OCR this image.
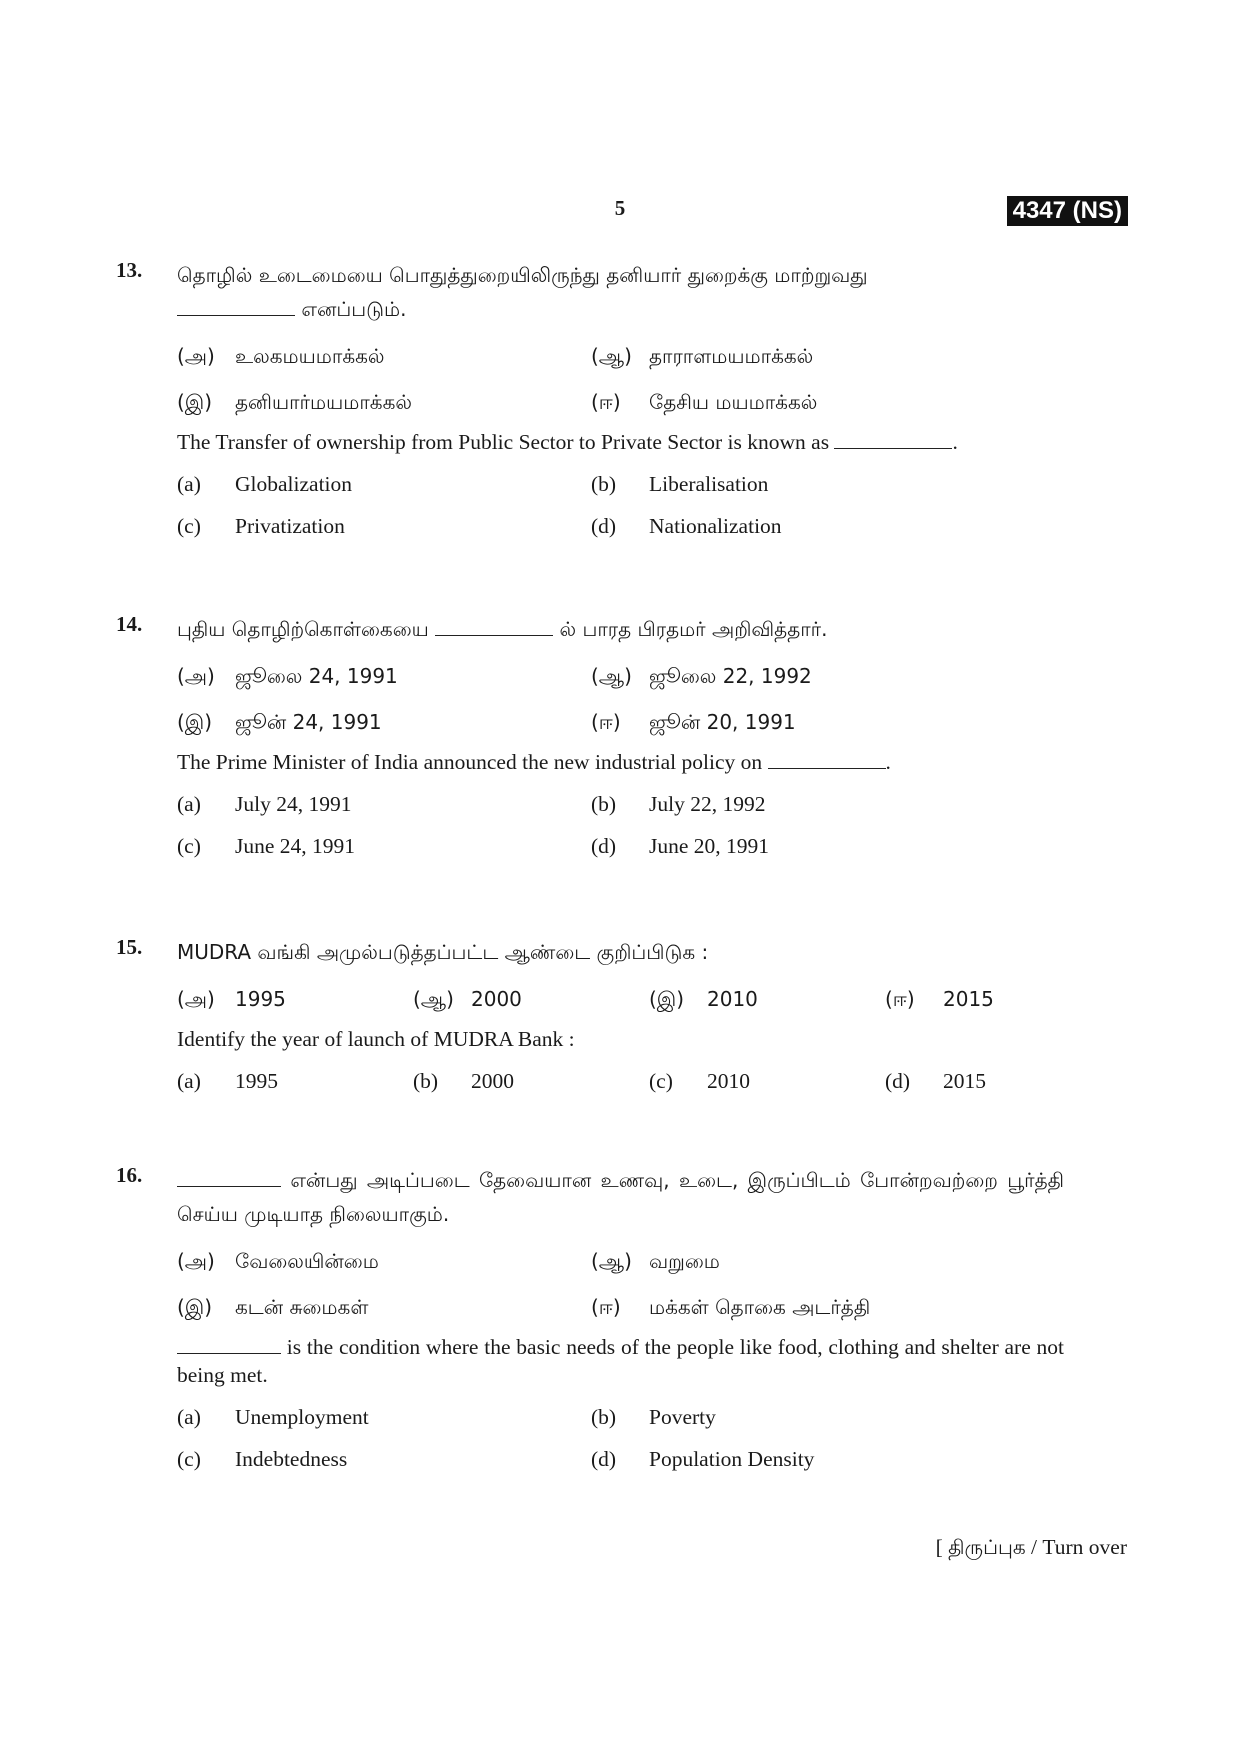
5	4347 (NS)
13. தொழில் உடைமையை பொதுத்துறையிலிருந்து தனியார் துறைக்கு மாற்றுவது
எனப்படும்.
(அ)	உலகமயமாக்கல்	(ஆ) தாராளமயமாக்கல்
(இ)	தனியார்மயமாக்கல்	(ஈ)	தேசிய மயமாக்கல்
The Transfer of ownership from Public Sector to Private Sector is known as	.
(a)	Globalization	(b)	Liberalisation
(c)	Privatization	(d)	Nationalization
14. புதிய தொழிற்கொள்கையை	ல் பாரத பிரதமர் அறிவித்தார்.
(அ)	ஜூலை 24, 1991	(ஆ) ஜூலை 22, 1992
(இ)	ஜூன் 24, 1991	(ஈ)	ஜூன் 20, 1991
The Prime Minister of India announced the new industrial policy on	.
(a)	July 24, 1991	(b)	July 22, 1992
(c)	June 24, 1991	(d)	June 20, 1991
15. MUDRA வங்கி அமுல்படுத்தப்பட்ட ஆண்டை குறிப்பிடுக :
(அ)	1995	(ஆ) 2000	(இ)	2010	(ஈ)	2015
Identify the year of launch of MUDRA Bank :
(a)	1995	(b)	2000	(c)	2010	(d)	2015
16.	என்பது அடிப்படை தேவையான உணவு, உடை, இருப்பிடம் போன்றவற்றை பூர்த்தி செய்ய முடியாத நிலையாகும்.
(அ)	வேலையின்மை	(ஆ) வறுமை
(இ)	கடன் சுமைகள்	(ஈ)	மக்கள் தொகை அடர்த்தி
is the condition where the basic needs of the people like food, clothing and shelter are not being met.
(a)	Unemployment	(b)	Poverty
(c)	Indebtedness	(d)	Population Density
[ திருப்புக / Turn over
